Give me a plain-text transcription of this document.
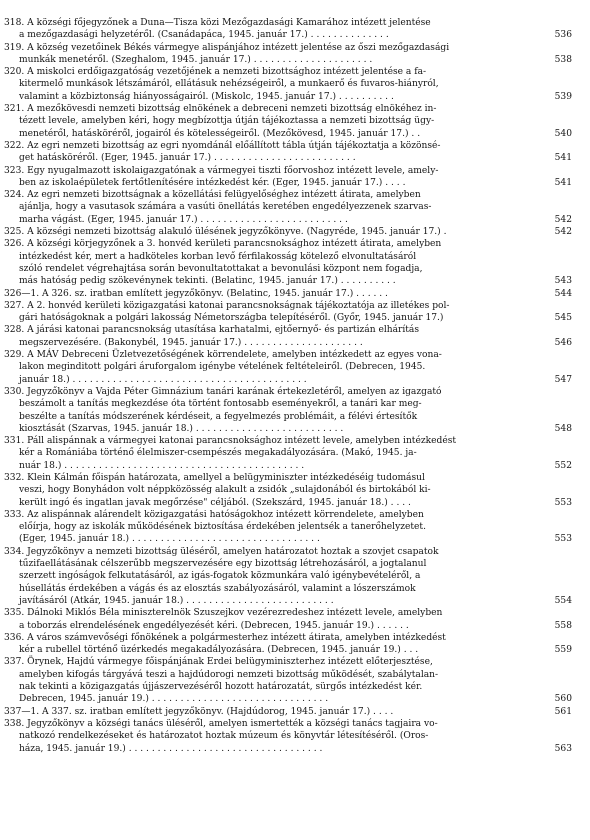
318. A községi főjegyzőnek a Duna—Tisza közi Mezőgazdasági Kamarához intézett jelentése
a mezőgazdasági helyzetéről. (Csanádapáca, 1945. január 17.) . . . . . . . . . . . . . .	536
319. A község vezetőinek Békés vármegye alispánjához intézett jelentése az őszi mezőgazdasági
munkák menetéről. (Szeghalom, 1945. január 17.) . . . . . . . . . . . . . . . . . . . . .	538
320. A miskolci erdőigazgatóság vezetőjének a nemzeti bizottsághoz intézett jelentése a fa-
kitermelő munkások létszámáról, ellátásuk nehézségeiről, a munkaerő és fuvaros-hiányról,
valamint a közbiztonság hiányosságairól. (Miskolc, 1945. január 17.) . . . . . . . . . .	539
321. A mezőkövesdi nemzeti bizottság elnökének a debreceni nemzeti bizottság elnökéhez in-
tézett levele, amelyben kéri, hogy megbízottja útján tájékoztassa a nemzeti bizottság ügy-
menetéről, hatásköréről, jogairól és kötelességeiről. (Mezőkövesd, 1945. január 17.) . .	540
322. Az egri nemzeti bizottság az egri nyomdánál előállított tábla útján tájékoztatja a közönsé-
get hatásköréről. (Eger, 1945. január 17.) . . . . . . . . . . . . . . . . . . . . . . . . .	541
323. Egy nyugalmazott iskolaigazgatónak a vármegyei tiszti főorvoshoz intézett levele, amely-
ben az iskolaépületek fertőtlenítésére intézkedést kér. (Eger, 1945. január 17.) . . . .	541
324. Az egri nemzeti bizottságnak a közellátási felügyelőséghez intézett átirata, amelyben
ajánlja, hogy a vasutasok számára a vasúti önellátás keretében engedélyezzenek szarvas-
marha vágást. (Eger, 1945. január 17.) . . . . . . . . . . . . . . . . . . . . . . . . . .	542
325. A községi nemzeti bizottság alakuló ülésének jegyzőkönyve. (Nagyréde, 1945. január 17.) .	542
326. A községi körjegyzőnek a 3. honvéd kerületi parancsnoksághoz intézett átirata, amelyben
intézkedést kér, mert a hadköteles korban levő férfilakosság kötelező elvonultatásáról
szóló rendelet végrehajtása során bevonultatottakat a bevonulási központ nem fogadja,
más hatóság pedig szökevénynek tekinti. (Belatinc, 1945. január 17.) . . . . . . . . . .	543
326—1. A 326. sz. iratban említett jegyzőkönyv. (Belatinc, 1945. január 17.) . . . . . .	544
327. A 2. honvéd kerületi közigazgatási katonai parancsnokságnak tájékoztatója az illetékes pol-
gári hatóságoknak a polgári lakosság Németországba telepítéséről. (Győr, 1945. január 17.)	545
328. A járási katonai parancsnokság utasítása karhatalmi, ejtőernyő- és partizán elhárítás
megszervezésére. (Bakonybél, 1945. január 17.) . . . . . . . . . . . . . . . . . . . . .	546
329. A MÁV Debreceni Üzletvezetőségének körrendelete, amelyben intézkedett az egyes vona-
lakon meginditott polgári áruforgalom igénybe vételének feltételeiről. (Debrecen, 1945.
január 18.) . . . . . . . . . . . . . . . . . . . . . . . . . . . . . . . . . . . . . . . . .	547
330. Jegyzőkönyv a Vajda Péter Gimnázium tanári karának értekezletéről, amelyen az igazgató
beszámolt a tanítás megkezdése óta történt fontosabb eseményekről, a tanári kar meg-
beszélte a tanítás módszerének kérdéseit, a fegyelmezés problémáit, a félévi értesítők
kiosztását (Szarvas, 1945. január 18.) . . . . . . . . . . . . . . . . . . . . . . . . . .	548
331. Páll alispánnak a vármegyei katonai parancsnoksághoz intézett levele, amelyben intézkedést
kér a Romániába történő élelmiszer-csempészés megakadályozására. (Makó, 1945. ja-
nuár 18.) . . . . . . . . . . . . . . . . . . . . . . . . . . . . . . . . . . . . . . . . . .	552
332. Klein Kálmán főispán határozata, amellyel a belügyminiszter intézkedéséig tudomásul
veszi, hogy Bonyhádon volt néppközösség alakult a zsidók „sulajdonából és birtokából ki-
került ingó és ingatlan javak megőrzése" céljából. (Szekszárd, 1945. január 18.) . . . .	553
333. Az alispánnak alárendelt közigazgatási hatóságokhoz intézett körrendelete, amelyben
előírja, hogy az iskolák működésének biztosítása érdekében jelentsék a tanerőhelyzetet.
(Eger, 1945. január 18.) . . . . . . . . . . . . . . . . . . . . . . . . . . . . . . . . .	553
334. Jegyzőkönyv a nemzeti bizottság üléséről, amelyen határozatot hoztak a szovjet csapatok
tűzifaellátásának célszerűbb megszervezésére egy bizottság létrehozásáról, a jogtalanul
szerzett ingóságok felkutatásáról, az igás-fogatok közmunkára való igénybevételéről, a
húsellátás érdekében a vágás és az elosztás szabályozásáról, valamint a lószerszámok
javításáról (Atkár, 1945. január 18.) . . . . . . . . . . . . . . . . . . . . . . . . . .	554
335. Dálnoki Miklós Béla miniszterelnök Szuszejkov vezérezredeshez intézett levele, amelyben
a toborzás elrendelésének engedélyezését kéri. (Debrecen, 1945. január 19.) . . . . . .	558
336. A város számvevőségi főnökének a polgármesterhez intézett átirata, amelyben intézkedést
kér a rubellel történő üzérkedés megakadályozására. (Debrecen, 1945. január 19.) . . .	559
337. Örynek, Hajdú vármegye főispánjának Erdei belügyminiszterhez intézett előterjesztése,
amelyben kifogás tárgyává teszi a hajdúdorogi nemzeti bizottság működését, szabálytalan-
nak tekinti a közigazgatás újjászervezéséről hozott határozatát, sürgős intézkedést kér.
Debrecen, 1945. január 19.) . . . . . . . . . . . . . . . . . . . . . . . . . . . . . . .	560
337—1. A 337. sz. iratban említett jegyzőkönyv. (Hajdúdorog, 1945. január 17.) . . . .	561
338. Jegyzőkönyv a községi tanács üléséről, amelyen ismertették a községi tanács tagjaira vo-
natkozó rendelkezéseket és határozatot hoztak múzeum és könyvtár létesítéséről. (Oros-
háza, 1945. január 19.) . . . . . . . . . . . . . . . . . . . . . . . . . . . . . . . . . .	563
